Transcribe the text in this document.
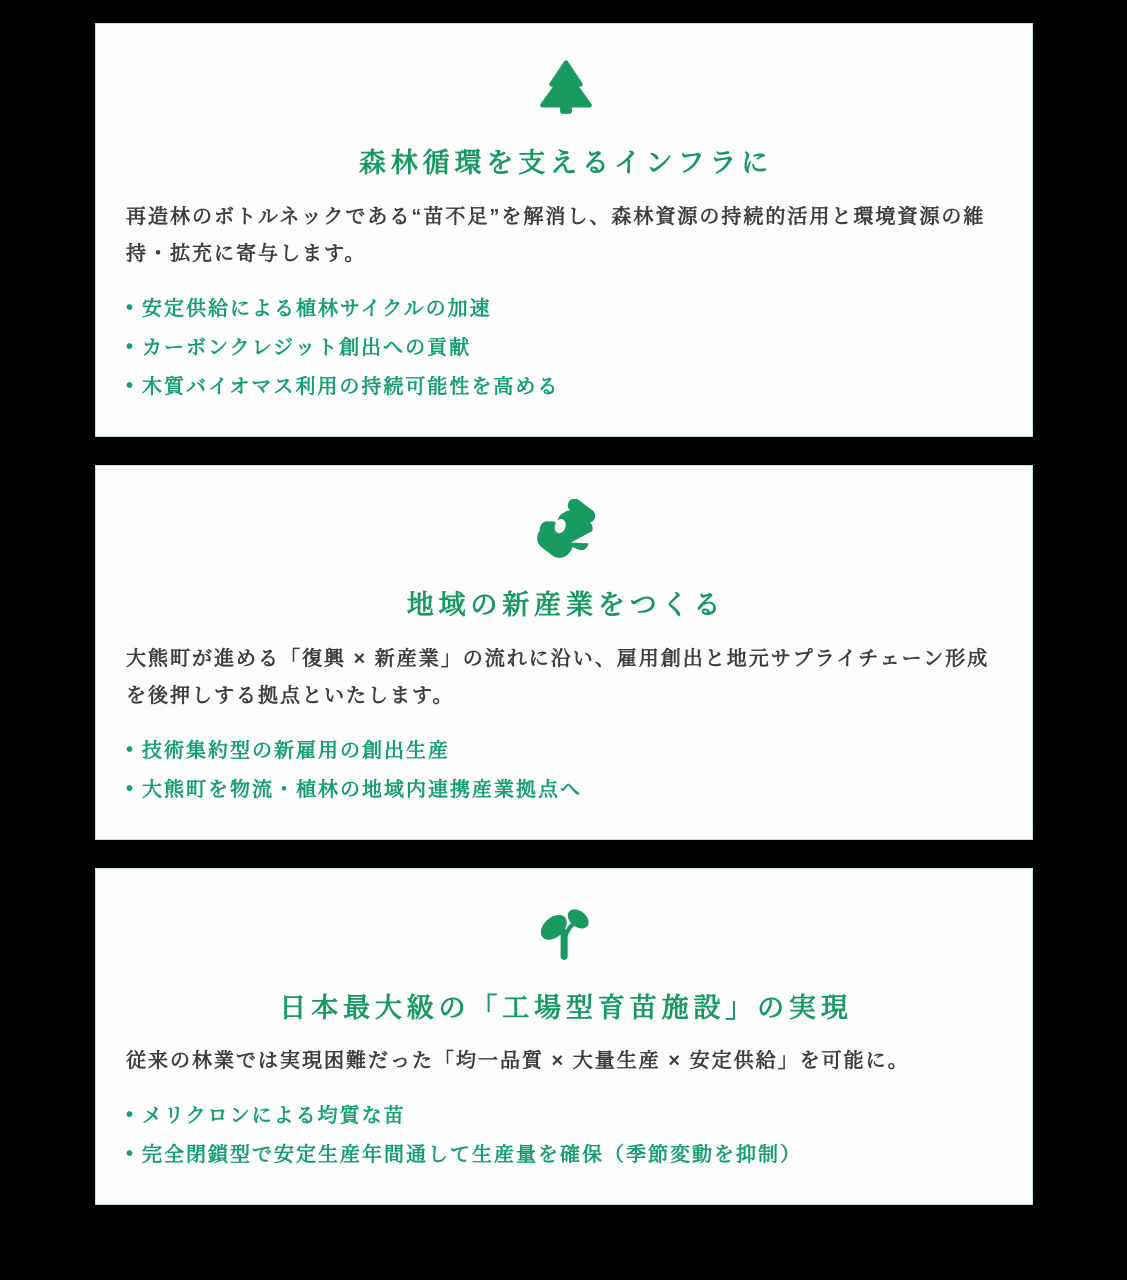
森林循環を支えるインフラに

再造林のボトルネックである“苗不足”を解消し、森林資源の持続的活用と環境資源の維持・拡充に寄与します。

• 安定供給による植林サイクルの加速
• カーボンクレジット創出への貢献
• 木質バイオマス利用の持続可能性を高める
地域の新産業をつくる

大熊町が進める「復興 × 新産業」の流れに沿い、雇用創出と地元サプライチェーン形成を後押しする拠点といたします。

• 技術集約型の新雇用の創出生産
• 大熊町を物流・植林の地域内連携産業拠点へ
日本最大級の「工場型育苗施設」の実現

従来の林業では実現困難だった「均一品質 × 大量生産 × 安定供給」を可能に。

• メリクロンによる均質な苗
• 完全閉鎖型で安定生産年間通して生産量を確保（季節変動を抑制）
